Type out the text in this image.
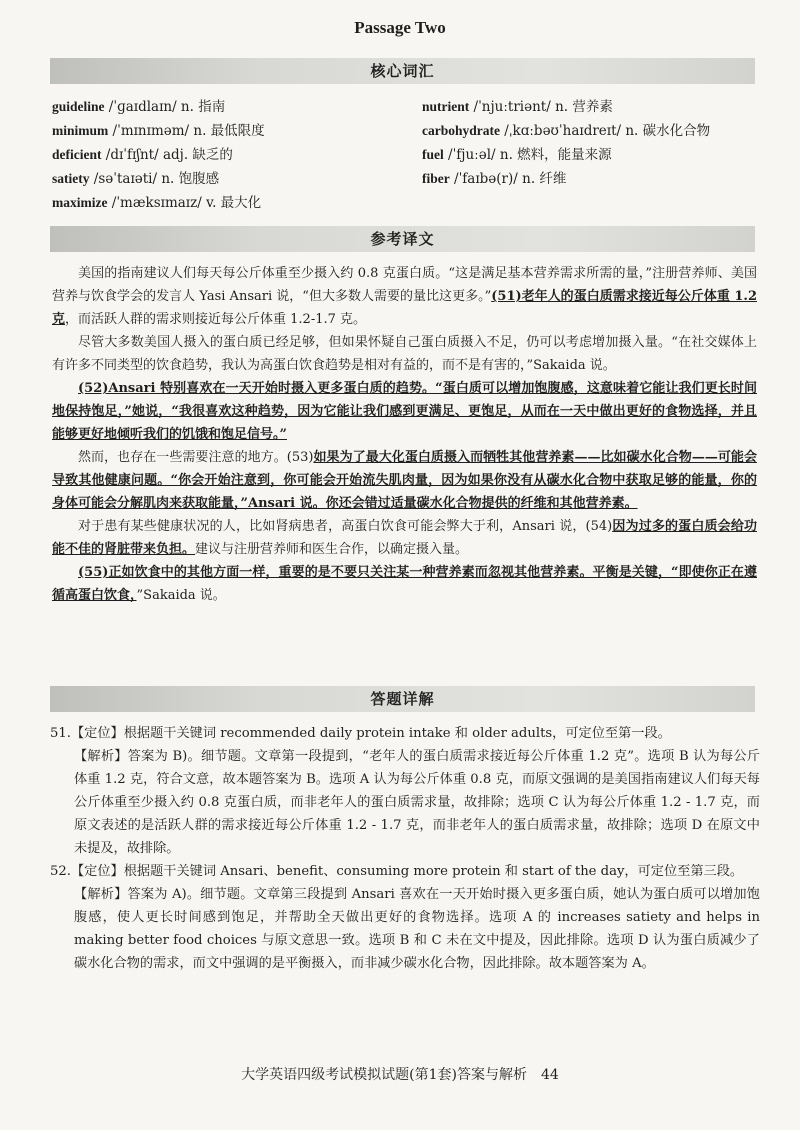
Passage Two
核心词汇
guideline /ˈɡaɪdlaɪn/ n. 指南
minimum /ˈmɪnɪməm/ n. 最低限度
deficient /dɪˈfɪʃnt/ adj. 缺乏的
satiety /səˈtaɪəti/ n. 饱腹感
maximize /ˈmæksɪmaɪz/ v. 最大化
nutrient /ˈnjuːtriənt/ n. 营养素
carbohydrate /ˌkɑːbəʊˈhaɪdreɪt/ n. 碳水化合物
fuel /ˈfjuːəl/ n. 燃料，能量来源
fiber /ˈfaɪbə(r)/ n. 纤维
参考译文

美国的指南建议人们每天每公斤体重至少摄入约 0.8 克蛋白质。“这是满足基本营养需求所需的量，”注册营养师、美国营养与饮食学会的发言人 Yasi Ansari 说，“但大多数人需要的量比这更多。”(51)老年人的蛋白质需求接近每公斤体重 1.2 克，而活跃人群的需求则接近每公斤体重 1.2-1.7 克。

尽管大多数美国人摄入的蛋白质已经足够，但如果怀疑自己蛋白质摄入不足，仍可以考虑增加摄入量。“在社交媒体上有许多不同类型的饮食趋势，我认为高蛋白饮食趋势是相对有益的，而不是有害的，”Sakaida 说。

(52)Ansari 特别喜欢在一天开始时摄入更多蛋白质的趋势。“蛋白质可以增加饱腹感，这意味着它能让我们更长时间地保持饱足，”她说，“我很喜欢这种趋势，因为它能让我们感到更满足、更饱足，从而在一天中做出更好的食物选择，并且能够更好地倾听我们的饥饿和饱足信号。”

然而，也存在一些需要注意的地方。(53)如果为了最大化蛋白质摄入而牺牲其他营养素——比如碳水化合物——可能会导致其他健康问题。“你会开始注意到，你可能会开始流失肌肉量，因为如果你没有从碳水化合物中获取足够的能量，你的身体可能会分解肌肉来获取能量，”Ansari 说。你还会错过适量碳水化合物提供的纤维和其他营养素。

对于患有某些健康状况的人，比如肾病患者，高蛋白饮食可能会弊大于利，Ansari 说，(54)因为过多的蛋白质会给功能不佳的肾脏带来负担。建议与注册营养师和医生合作，以确定摄入量。

(55)正如饮食中的其他方面一样，重要的是不要只关注某一种营养素而忽视其他营养素。平衡是关键，“即使你正在遵循高蛋白饮食，”Sakaida 说。

答题详解

51.【定位】根据题干关键词 recommended daily protein intake 和 older adults，可定位至第一段。

【解析】答案为 B)。细节题。文章第一段提到，“老年人的蛋白质需求接近每公斤体重 1.2 克”。选项 B 认为每公斤体重 1.2 克，符合文意，故本题答案为 B。选项 A 认为每公斤体重 0.8 克，而原文强调的是美国指南建议人们每天每公斤体重至少摄入约 0.8 克蛋白质，而非老年人的蛋白质需求量，故排除；选项 C 认为每公斤体重 1.2 - 1.7 克，而原文表述的是活跃人群的需求接近每公斤体重 1.2 - 1.7 克，而非老年人的蛋白质需求量，故排除；选项 D 在原文中未提及，故排除。

52.【定位】根据题干关键词 Ansari、benefit、consuming more protein 和 start of the day，可定位至第三段。

【解析】答案为 A)。细节题。文章第三段提到 Ansari 喜欢在一天开始时摄入更多蛋白质，她认为蛋白质可以增加饱腹感，使人更长时间感到饱足，并帮助全天做出更好的食物选择。选项 A 的 increases satiety and helps in making better food choices 与原文意思一致。选项 B 和 C 未在文中提及，因此排除。选项 D 认为蛋白质减少了碳水化合物的需求，而文中强调的是平衡摄入，而非减少碳水化合物，因此排除。故本题答案为 A。

大学英语四级考试模拟试题(第1套)答案与解析　44
